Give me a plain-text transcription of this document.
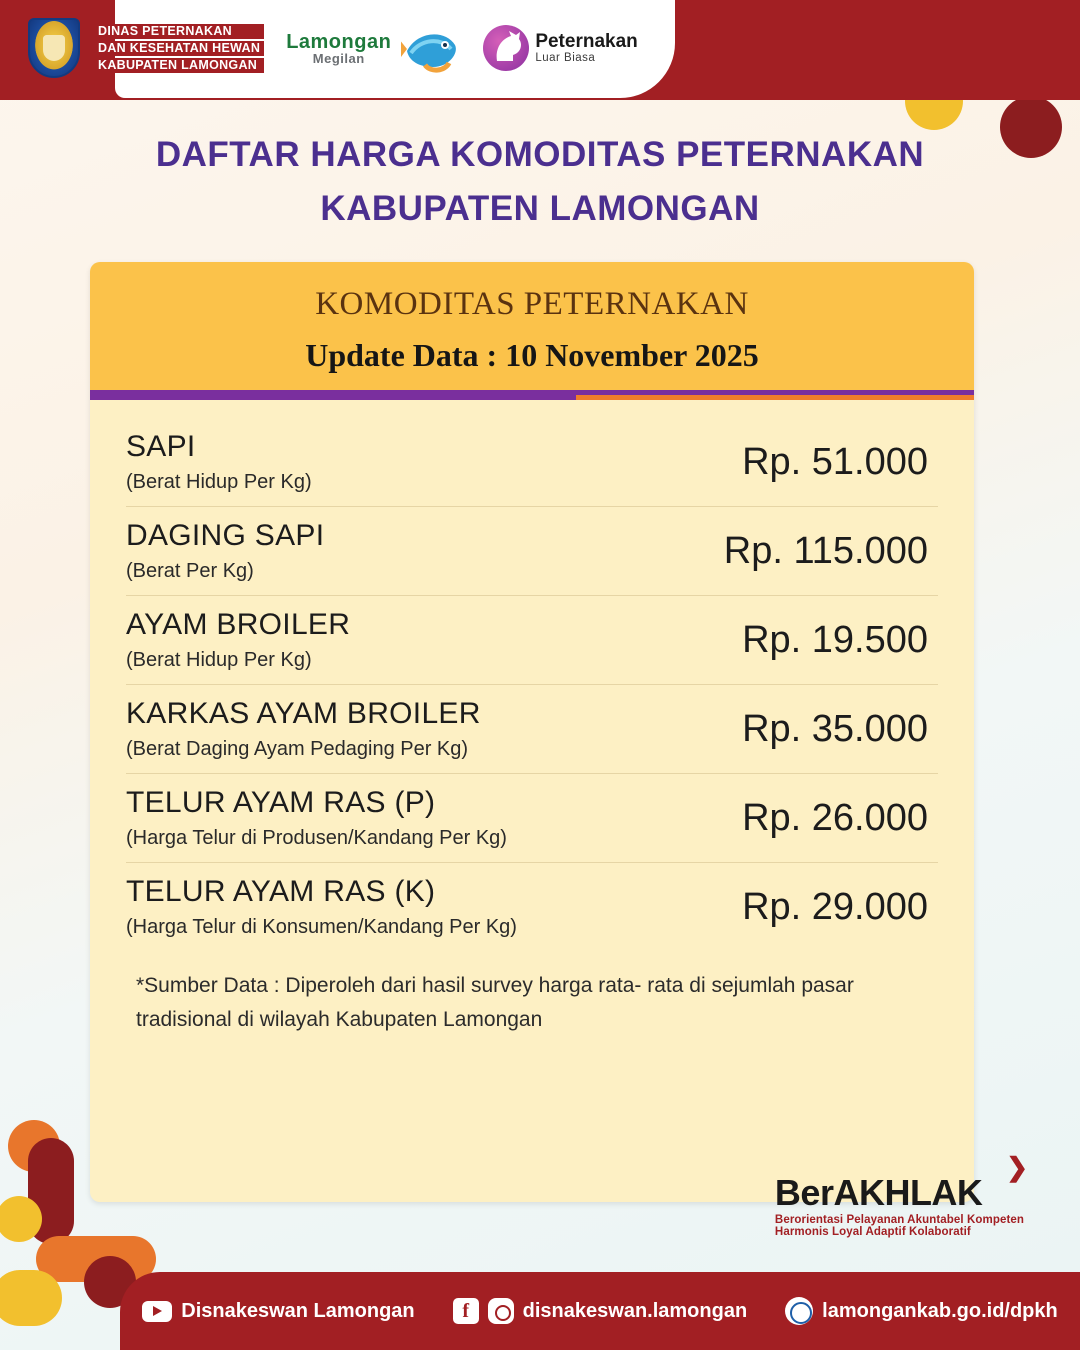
DINAS PETERNAKAN
DAN KESEHATAN HEWAN
KABUPATEN LAMONGAN
Lamongan
Megilan
Peternakan
Luar Biasa
DAFTAR HARGA KOMODITAS PETERNAKAN
KABUPATEN LAMONGAN
KOMODITAS PETERNAKAN
Update Data : 10 November 2025
SAPI
(Berat Hidup Per Kg)	Rp. 51.000
DAGING SAPI
(Berat Per Kg)	Rp. 115.000
AYAM BROILER
(Berat Hidup Per Kg)	Rp. 19.500
KARKAS AYAM BROILER
(Berat Daging Ayam Pedaging Per Kg)	Rp. 35.000
TELUR AYAM RAS (P)
(Harga Telur di Produsen/Kandang Per Kg)	Rp. 26.000
TELUR AYAM RAS (K)
(Harga Telur di Konsumen/Kandang Per Kg)	Rp. 29.000
*Sumber Data : Diperoleh dari hasil survey harga rata- rata di sejumlah pasar tradisional di wilayah Kabupaten Lamongan
❯
BerAKHLAK
Berorientasi Pelayanan Akuntabel Kompeten
Harmonis Loyal Adaptif Kolaboratif
Disnakeswan Lamongan	f	disnakeswan.lamongan	lamongankab.go.id/dpkh
